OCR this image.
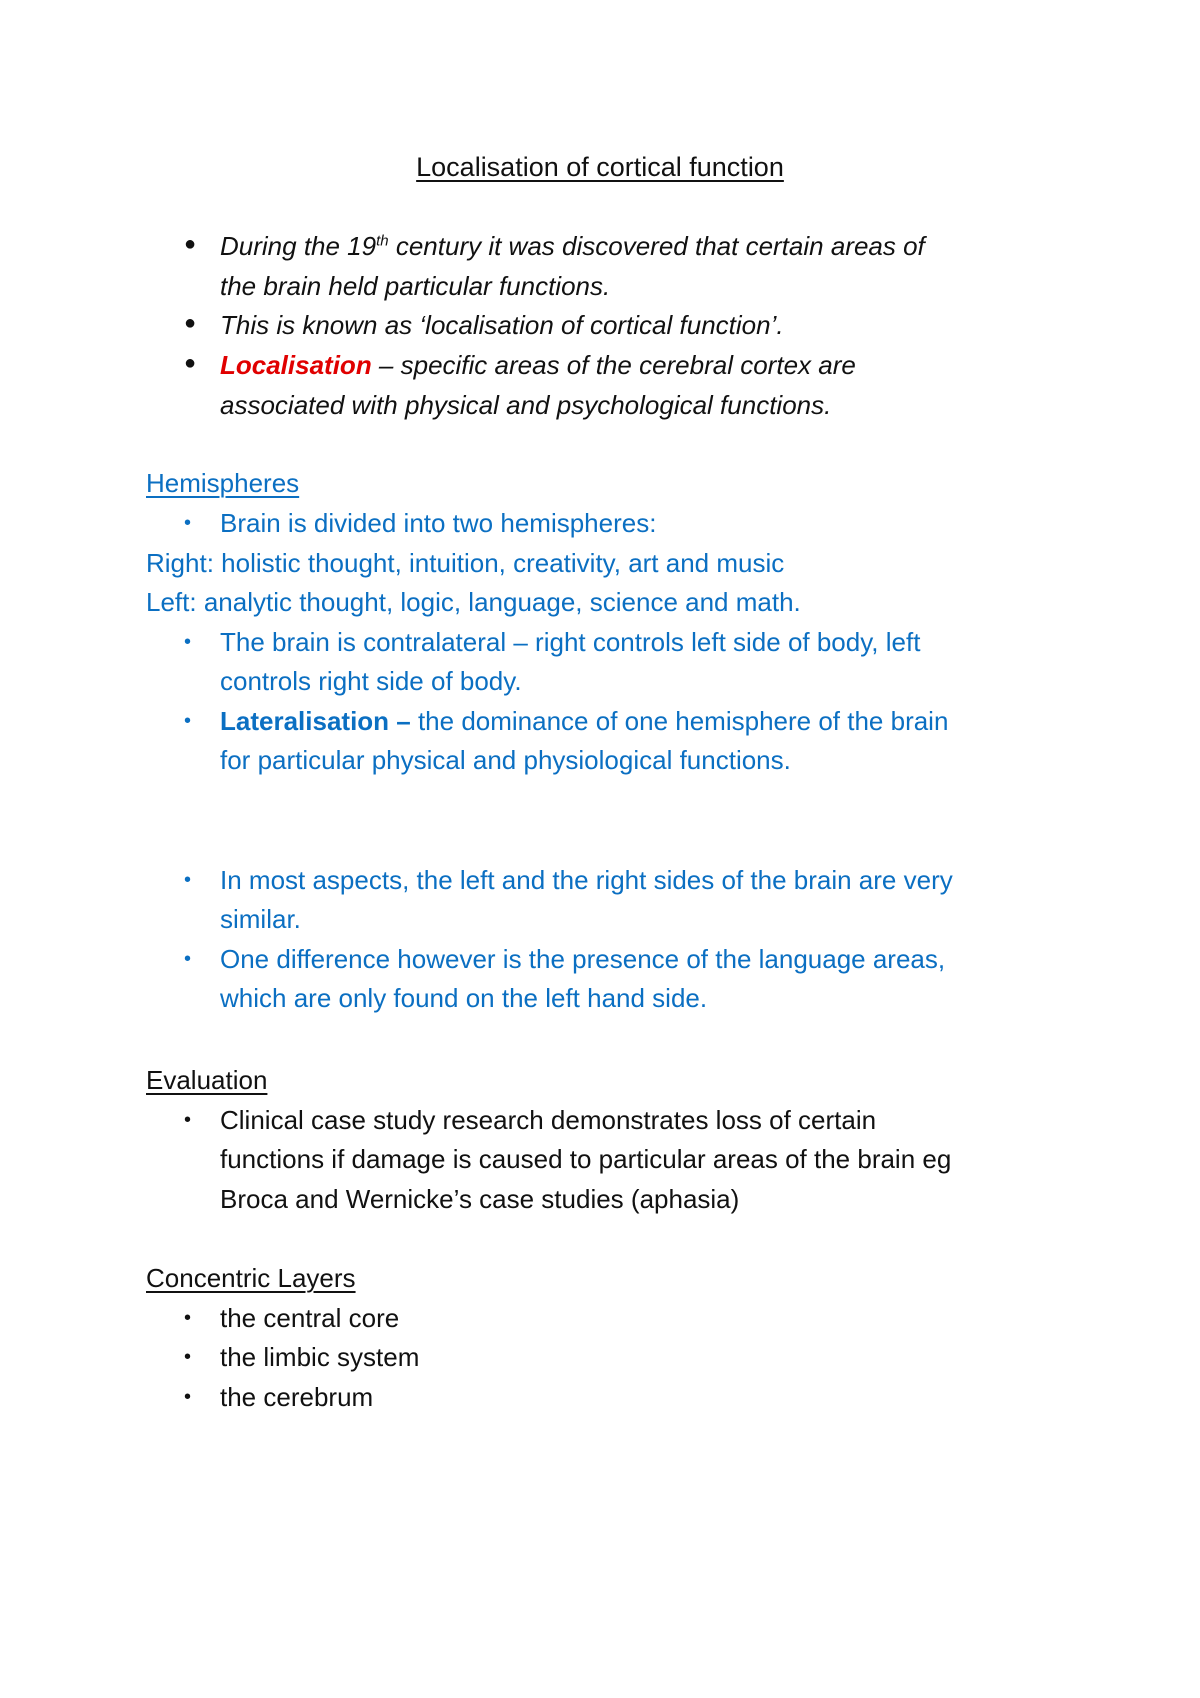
Localisation of cortical function
● During the 19th century it was discovered that certain areas of
the brain held particular functions.
● This is known as ‘localisation of cortical function’.
● Localisation – specific areas of the cerebral cortex are
associated with physical and psychological functions.
Hemispheres
• Brain is divided into two hemispheres:
Right: holistic thought, intuition, creativity, art and music
Left: analytic thought, logic, language, science and math.
• The brain is contralateral – right controls left side of body, left
controls right side of body.
• Lateralisation – the dominance of one hemisphere of the brain
for particular physical and physiological functions.
• In most aspects, the left and the right sides of the brain are very
similar.
• One difference however is the presence of the language areas,
which are only found on the left hand side.
Evaluation
• Clinical case study research demonstrates loss of certain
functions if damage is caused to particular areas of the brain eg
Broca and Wernicke’s case studies (aphasia)
Concentric Layers
• the central core
• the limbic system
• the cerebrum
